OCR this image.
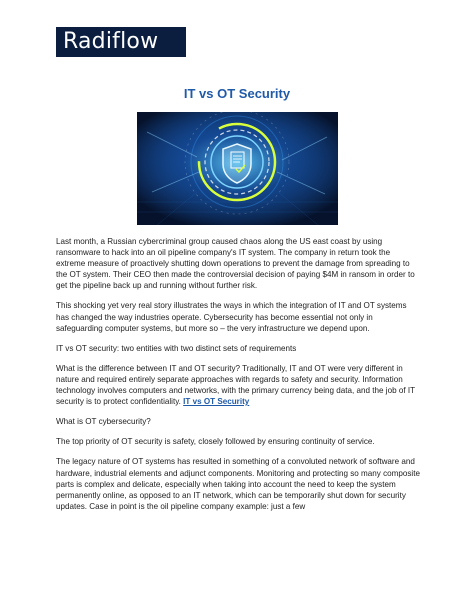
Radiflow
IT vs OT Security

Last month, a Russian cybercriminal group caused chaos along the US east coast by using ransomware to hack into an oil pipeline company's IT system. The company in return took the extreme measure of proactively shutting down operations to prevent the damage from spreading to the OT system. Their CEO then made the controversial decision of paying $4M in ransom in order to get the pipeline back up and running without further risk.

This shocking yet very real story illustrates the ways in which the integration of IT and OT systems has changed the way industries operate. Cybersecurity has become essential not only in safeguarding computer systems, but more so – the very infrastructure we depend upon.

IT vs OT security: two entities with two distinct sets of requirements

What is the difference between IT and OT security? Traditionally, IT and OT were very different in nature and required entirely separate approaches with regards to safety and security. Information technology involves computers and networks, with the primary currency being data, and the job of IT security is to protect confidentiality. IT vs OT Security

What is OT cybersecurity?

The top priority of OT security is safety, closely followed by ensuring continuity of service.

The legacy nature of OT systems has resulted in something of a convoluted network of software and hardware, industrial elements and adjunct components. Monitoring and protecting so many composite parts is complex and delicate, especially when taking into account the need to keep the system permanently online, as opposed to an IT network, which can be temporarily shut down for security updates. Case in point is the oil pipeline company example: just a few
